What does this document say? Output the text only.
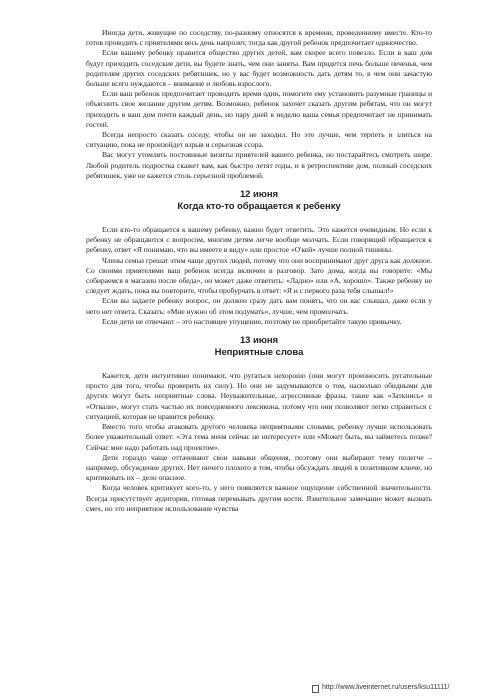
Иногда дети, живущие по соседству, по-разному относятся к времени, проведенному вместе. Кто-то готов проводить с приятелями весь день напролет, тогда как другой ребенок предпочитает одиночество.

Если вашему ребенку нравится общество других детей, вам скорее всего повезло. Если в ваш дом будут приходить соседские дети, вы будете знать, чем они заняты. Вам придется печь больше печенья, чем родителям других соседских ребятишек, но у вас будет возможность дать детям то, в чем они зачастую больше всего нуждаются – внимание и любовь взрослого.

Если ваш ребенок предпочитает проводить время один, помогите ему установить разумные границы и объяснить свое желание другим детям. Возможно, ребенок захочет сказать другим ребятам, что он могут приходить в ваш дом почти каждый день, но пару дней в неделю ваша семья предпочитает не принимать гостей.

Всегда непросто сказать соседу, чтобы он не заходил. Но это лучше, чем терпеть и злиться на ситуацию, пока не произойдет взрыв и серьезная ссора.

Вас могут утомлять постоянные визиты приятелей вашего ребенка, но постарайтесь смотреть шире. Любой родитель подростка скажет вам, как быстро летят годы, и в ретроспективе дом, полный соседских ребятишек, уже не кажется столь серьезной проблемой.

12 июня
Когда кто-то обращается к ребенку

Если кто-то обращается к вашему ребенку, важно будет ответить. Это кажется очевидным. Но если к ребенку не обращаются с вопросом, многим детям легче вообще молчать. Если говорящий обращается к ребенку, ответ «Я понимаю, что вы имеете в виду» или простое «О'кей» лучше полной тишины.

Члены семьи грешат этим чаще других людей, потому что они воспринимают друг друга как должное. Со своими приятелями ваш ребенок всегда включен в разговор. Зато дома, когда вы говорите: «Мы собираемся в магазин после обеда», он может даже ответить: «Ладно» или «А, хорошо». Также ребенку не следует ждать, пока вы повторите, чтобы пробурчать в ответ: «Я и с первого раза тебя слышал!»

Если вы задаете ребенку вопрос, он должен сразу дать вам понять, что он вас слышал, даже если у него нет ответа. Сказать: «Мне нужно об этом подумать», лучше, чем промолчать.

Если дети не отвечают – это настоящее упущение, поэтому не приобретайте такую привычку.

13 июня
Неприятные слова

Кажется, дети интуитивно понимают, что ругаться нехорошо (они могут произносить ругательные просто для того, чтобы проверить их силу). Но они не задумываются о том, насколько обидными для других могут быть неприятные слова. Неуважительные, агрессивные фразы, такие как «Заткнись» и «Отвали», могут стать частью их повседневного лексикона, потому что они позволяют легко справиться с ситуацией, которая не нравится ребенку.

Вместо того чтобы атаковать другого человека неприятными словами, ребенку лучше использовать более уважительный ответ: «Эта тема меня сейчас не интересует» или «Может быть, вы займетесь позже? Сейчас мне надо работать над проектом».

Дети гораздо чаще оттачивают свои навыки общения, поэтому они выбирают тему полегче – например, обсуждение других. Нет ничего плохого в том, чтобы обсуждать людей в позитивном ключе, но критиковать их – дело опасное.

Когда человек критикует кого-то, у него появляется важное ощущение собственной значительности. Всегда присутствует аудитория, готовая перемывать другим кости. Язвительное замечание может вызвать смех, но это неприятное использование чувства

http://www.liveinternet.ru/users/ksu11111/
